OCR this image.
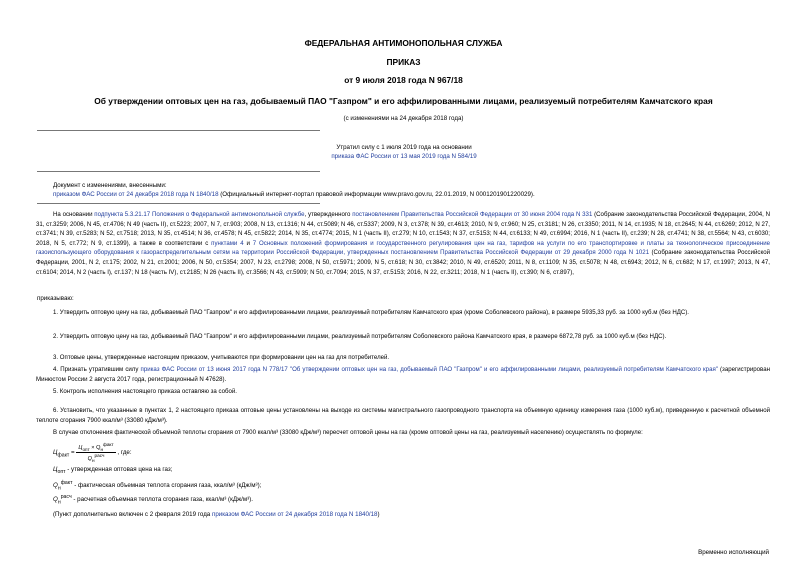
ФЕДЕРАЛЬНАЯ АНТИМОНОПОЛЬНАЯ СЛУЖБА
ПРИКАЗ
от 9 июля 2018 года N 967/18
Об утверждении оптовых цен на газ, добываемый ПАО "Газпром" и его аффилированными лицами, реализуемый потребителям Камчатского края
(с изменениями на 24 декабря 2018 года)
Утратил силу с 1 июля 2019 года на основании
приказа ФАС России от 13 мая 2019 года N 584/19
Документ с изменениями, внесенными:
приказом ФАС России от 24 декабря 2018 года N 1840/18 (Официальный интернет-портал правовой информации www.pravo.gov.ru, 22.01.2019, N 0001201901220029).
На основании подпункта 5.3.21.17 Положения о Федеральной антимонопольной службе, утвержденного постановлением Правительства Российской Федерации от 30 июня 2004 года N 331 (Собрание законодательства Российской Федерации, 2004, N 31, ст.3259; 2006, N 45, ст.4706; N 49 (часть II), ст.5223; 2007, N 7, ст.903; 2008, N 13, ст.1316; N 44, ст.5089; N 46, ст.5337; 2009, N 3, ст.378; N 39, ст.4613; 2010, N 9, ст.960; N 25, ст.3181; N 26, ст.3350; 2011, N 14, ст.1935; N 18, ст.2645; N 44, ст.6269; 2012, N 27, ст.3741; N 39, ст.5283; N 52, ст.7518; 2013, N 35, ст.4514; N 36, ст.4578; N 45, ст.5822; 2014, N 35, ст.4774; 2015, N 1 (часть II), ст.279; N 10, ст.1543; N 37, ст.5153; N 44, ст.6133; N 49, ст.6994; 2016, N 1 (часть II), ст.239; N 28, ст.4741; N 38, ст.5564; N 43, ст.6030; 2018, N 5, ст.772; N 9, ст.1399), а также в соответствии с пунктами 4 и 7 Основных положений формирования и государственного регулирования цен на газ, тарифов на услуги по его транспортировке и платы за технологическое присоединение газоиспользующего оборудования к газораспределительным сетям на территории Российской Федерации, утвержденных постановлением Правительства Российской Федерации от 29 декабря 2000 года N 1021 (Собрание законодательства Российской Федерации, 2001, N 2, ст.175; 2002, N 21, ст.2001; 2006, N 50, ст.5354; 2007, N 23, ст.2798; 2008, N 50, ст.5971; 2009, N 5, ст.618; N 30, ст.3842; 2010, N 49, ст.6520; 2011, N 8, ст.1109; N 35, ст.5078; N 48, ст.6943; 2012, N 6, ст.682; N 17, ст.1997; 2013, N 47, ст.6104; 2014, N 2 (часть I), ст.137; N 18 (часть IV), ст.2185; N 26 (часть II), ст.3566; N 43, ст.5909; N 50, ст.7094; 2015, N 37, ст.5153; 2016, N 22, ст.3211; 2018, N 1 (часть II), ст.390; N 6, ст.897),
приказываю:
1. Утвердить оптовую цену на газ, добываемый ПАО "Газпром" и его аффилированными лицами, реализуемый потребителям Камчатского края (кроме Соболевского района), в размере 5935,33 руб. за 1000 куб.м (без НДС).
2. Утвердить оптовую цену на газ, добываемый ПАО "Газпром" и его аффилированными лицами, реализуемый потребителям Соболевского района Камчатского края, в размере 6872,78 руб. за 1000 куб.м (без НДС).
3. Оптовые цены, утвержденные настоящим приказом, учитываются при формировании цен на газ для потребителей.
4. Признать утратившим силу приказ ФАС России от 13 июня 2017 года N 778/17 "Об утверждении оптовых цен на газ, добываемый ПАО "Газпром" и его аффилированными лицами, реализуемый потребителям Камчатского края" (зарегистрирован Минюстом России 2 августа 2017 года, регистрационный N 47628).
5. Контроль исполнения настоящего приказа оставляю за собой.
6. Установить, что указанные в пунктах 1, 2 настоящего приказа оптовые цены установлены на выходе из системы магистрального газопроводного транспорта на объемную единицу измерения газа (1000 куб.м), приведенную к расчетной объемной теплоте сгорания 7900 ккал/м³ (33080 кДж/м³).
В случае отклонения фактической объемной теплоты сгорания от 7900 ккал/м³ (33080 кДж/м³) пересчет оптовой цены на газ (кроме оптовой цены на газ, реализуемый населению) осуществлять по формуле:
$Ц_{факт} = \frac{Ц_{опт} \times Q_н^{факт}}{Q_н^{расч}}$ , где:
$Ц_{опт}$ - утвержденная оптовая цена на газ;
$Q_н^{факт}$ - фактическая объемная теплота сгорания газа, ккал/м³ (кДж/м³);
$Q_н^{расч}$ - расчетная объемная теплота сгорания газа, ккал/м³ (кДж/м³).
(Пункт дополнительно включен с 2 февраля 2019 года приказом ФАС России от 24 декабря 2018 года N 1840/18)
Временно исполняющий
